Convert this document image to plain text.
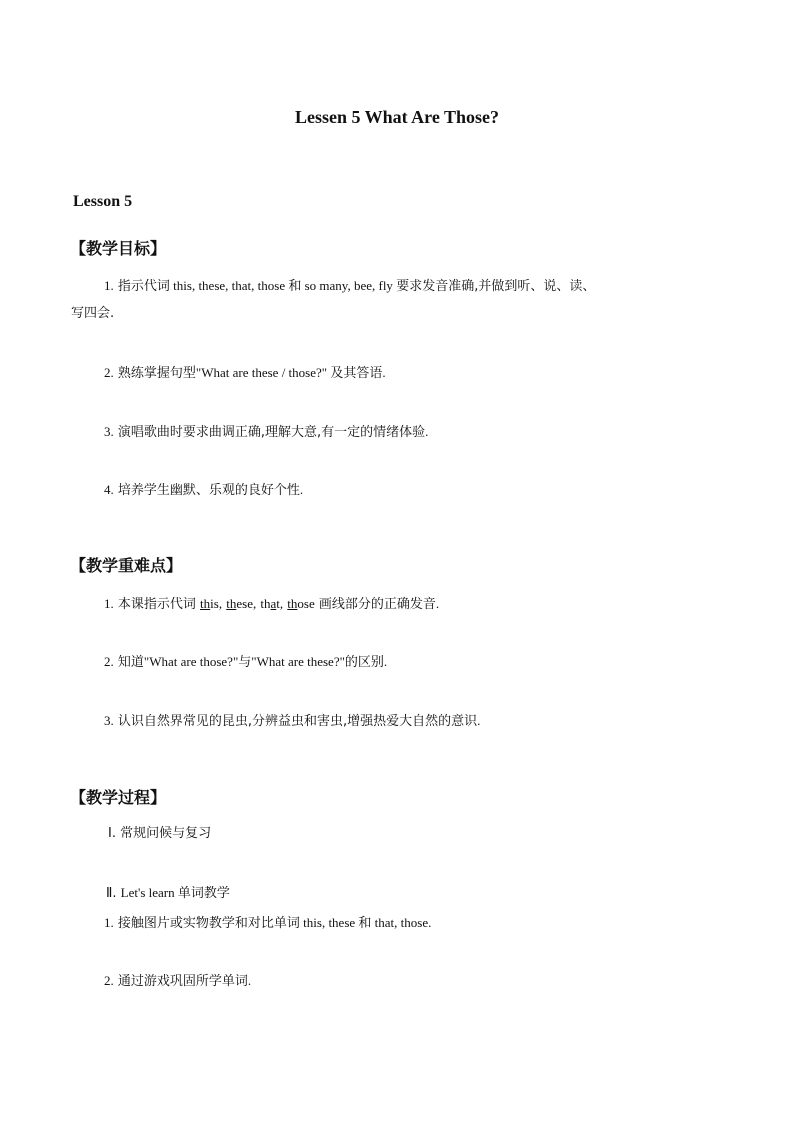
Lessen 5 What Are Those?
Lesson 5
【教学目标】
1. 指示代词 this, these, that, those 和 so many, bee, fly 要求发音准确,并做到听、说、读、
写四会.
2. 熟练掌握句型"What are these / those?" 及其答语.
3. 演唱歌曲时要求曲调正确,理解大意,有一定的情绪体验.
4. 培养学生幽默、乐观的良好个性.
【教学重难点】
1. 本课指示代词 this, these, that, those 画线部分的正确发音.
2. 知道"What are those?"与"What are these?"的区别.
3. 认识自然界常见的昆虫,分辨益虫和害虫,增强热爱大自然的意识.
【教学过程】
Ⅰ. 常规问候与复习
Ⅱ. Let's learn 单词教学
1. 接触图片或实物教学和对比单词 this, these 和 that, those.
2. 通过游戏巩固所学单词.
